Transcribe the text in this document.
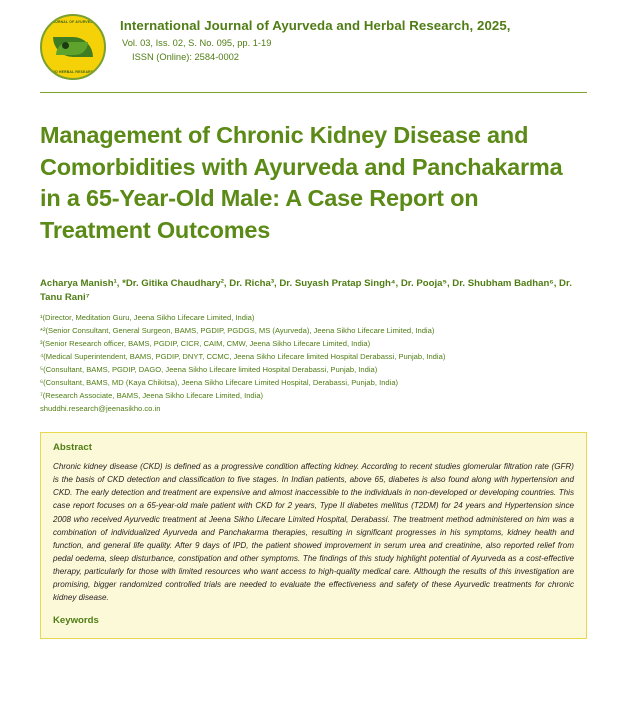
JOURNAL OF AYURVEDA
AND HERBAL RESEARCH
International Journal of Ayurveda and Herbal Research, 2025,
Vol. 03, Iss. 02, S. No. 095, pp. 1-19
ISSN (Online): 2584-0002
Management of Chronic Kidney Disease and Comorbidities with Ayurveda and Panchakarma in a 65-Year-Old Male: A Case Report on Treatment Outcomes
Acharya Manish¹, *Dr. Gitika Chaudhary², Dr. Richa³, Dr. Suyash Pratap Singh⁴, Dr. Pooja⁵, Dr. Shubham Badhan⁶, Dr. Tanu Rani⁷
¹(Director, Meditation Guru, Jeena Sikho Lifecare Limited, India)
*²(Senior Consultant, General Surgeon, BAMS, PGDIP, PGDGS, MS (Ayurveda), Jeena Sikho Lifecare Limited, India)
³(Senior Research officer, BAMS, PGDIP, CICR, CAIM, CMW, Jeena Sikho Lifecare Limited, India)
⁴(Medical Superintendent, BAMS, PGDIP, DNYT, CCMC, Jeena Sikho Lifecare limited Hospital Derabassi, Punjab, India)
⁵(Consultant, BAMS, PGDIP, DAGO, Jeena Sikho Lifecare limited Hospital Derabassi, Punjab, India)
⁶(Consultant, BAMS, MD (Kaya Chikitsa), Jeena Sikho Lifecare Limited Hospital, Derabassi, Punjab, India)
⁷(Research Associate, BAMS, Jeena Sikho Lifecare Limited, India)
shuddhi.research@jeenasikho.co.in
Abstract
Chronic kidney disease (CKD) is defined as a progressive condition affecting kidney. According to recent studies glomerular filtration rate (GFR) is the basis of CKD detection and classification to five stages. In Indian patients, above 65, diabetes is also found along with hypertension and CKD. The early detection and treatment are expensive and almost inaccessible to the individuals in non-developed or developing countries. This case report focuses on a 65-year-old male patient with CKD for 2 years, Type II diabetes mellitus (T2DM) for 24 years and Hypertension since 2008 who received Ayurvedic treatment at Jeena Sikho Lifecare Limited Hospital, Derabassi. The treatment method administered on him was a combination of individualized Ayurveda and Panchakarma therapies, resulting in significant progresses in his symptoms, kidney health and function, and general life quality. After 9 days of IPD, the patient showed improvement in serum urea and creatinine, also reported relief from pedal oedema, sleep disturbance, constipation and other symptoms. The findings of this study highlight potential of Ayurveda as a cost-effective therapy, particularly for those with limited resources who want access to high-quality medical care. Although the results of this investigation are promising, bigger randomized controlled trials are needed to evaluate the effectiveness and safety of these Ayurvedic treatments for chronic kidney disease.
Keywords
